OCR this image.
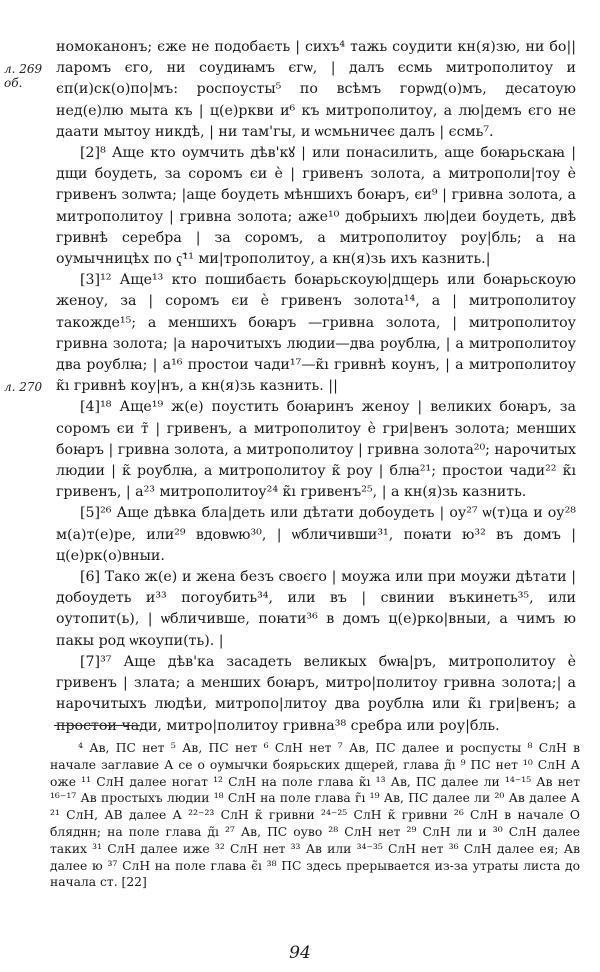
л. 269
об.
л. 270

номоканонъ; єже не подобаєть | сихъ⁴ тажь соудити кн(я)зю, ни бо||ларомъ єго, ни соудиꙗмъ єгѡ, | далъ єсмь митрополитоу и єп(и)ск(о)по|мъ: роспоусты⁵ по всѣмъ горѡд(о)мъ, десатоую нед(е)лю мыта къ | ц(е)ркви и⁶ къ митрополитоу, а лю|демъ єго не даати мытоу никдѣ, | ни там'гы, и ѡсмьничеє далъ | єсмь⁷.

[2]⁸ Аще кто оумчить дѣв'кꙋ | или понасилить, аще боꙗрьскаꙗ | дщи боудеть, за соромъ єи ѐ | гривенъ золота, а митрополи|тоу ѐ гривенъ золѡта; |аще боудеть мѣншихъ боꙗръ, єи⁹ | гривна золота, а митрополитоу | гривна золота; аже¹⁰ добрыихъ лю|деи боудеть, двѣ гривнѣ серебра | за соромъ, а митрополитоу роу|бль; а на оумычницѣх по ҁ̃¹¹ ми|трополитоу, а кн(я)зь ихъ казнить.|

[3]¹² Аще¹³ кто пошибаєть боꙗрьскоую|дщерь или боꙗрьскоую женоу, за | соромъ єи ѐ гривенъ золота¹⁴, а | митрополитоу такожде¹⁵; а меншихъ боꙗръ —гривна золота, | митрополитоу гривна золота; |а нарочитыхъ людии—два роублꙗ, | а митрополитоу два роублꙗ; | а¹⁶ простои чади¹⁷—к̃ı гривнѣ коунъ, | а митрополитоу к̃ı гривнѣ коу|нъ, а кн(я)зь казнить. ||

[4]¹⁸ Аще¹⁹ ж(е) поустить боꙗринъ женоу | великих боꙗръ, за соромъ єи т̃ | гривенъ, а митрополитоу ѐ гри|венъ золота; меншиx боꙗръ | гривна золота, а митрополитоу | гривна золота²⁰; нарочитых людии | к̃ роублꙗ, а митрополитоу к̃ роу | блꙗ²¹; простои чади²² к̃ı гривенъ, | а²³ митрополитоу²⁴ к̃ı гривенъ²⁵, | а кн(я)зь казнить.

[5]²⁶ Аще дѣвка бла|деть или дѣтати добоудеть | оу²⁷ ѡ(т)ца и оу²⁸ м(а)т(е)ре, или²⁹ вдовѡю³⁰, | ѡбличивши³¹, поꙗти ю³² въ домъ | ц(е)рк(о)вныи.

[6] Тако ж(е) и жена безъ своєго | моужа или при моужи дѣтати | добоудеть и³³ погоубить³⁴, или въ | свинии въкинеть³⁵, или оутопит(ь), | ѡбличивше, поꙗти³⁶ в домъ ц(е)рко|вныи, а чимъ ю пакы род ѡкоупи(ть). |

[7]³⁷ Аще дѣв'ка засадеть великых бѡꙗ|ръ, митрополитоу ѐ гривенъ | злата; а меншиx боꙗръ, митро|политоу гривна золота;| а нарочитыхъ людѣи, митропо|литоу два роублꙗ или к̃ı гри|венъ; а простои чади, митро|политоу гривна³⁸ сребра или роу|бль.

⁴ Ав, ПС нет ⁵ Ав, ПС нет ⁶ СлН нет ⁷ Ав, ПС далее и роспусты ⁸ СлН в начале заглавие А се о оумычки боярьских дщерей, глава д̃ı ⁹ ПС нет ¹⁰ СлН А оже ¹¹ СлН далее ногат ¹² СлН на поле глава к̃ı ¹³ Ав, ПС далее ли ¹⁴⁻¹⁵ Ав нет ¹⁶⁻¹⁷ Ав простыхъ людии ¹⁸ СлН на поле глава г̃ı ¹⁹ Ав, ПС далее ли ²⁰ Ав далее А ²¹ СлН, АВ далее А ²²⁻²³ СлН к̃ гривни ²⁴⁻²⁵ СлН к̃ гривни ²⁶ СлН в начале О бляднн; на поле глава д̃ı ²⁷ Ав, ПС оуво ²⁸ СлН нет ²⁹ СлН ли и ³⁰ СлН далее таких ³¹ СлН далее иже ³² СлН нет ³³ Ав или ³⁴⁻³⁵ СлН нет ³⁶ СлН далее ея; Ав далее ю ³⁷ СлН на поле глава є̃ı ³⁸ ПС здесь прерывается из-за утраты листа до начала ст. [22]

94
